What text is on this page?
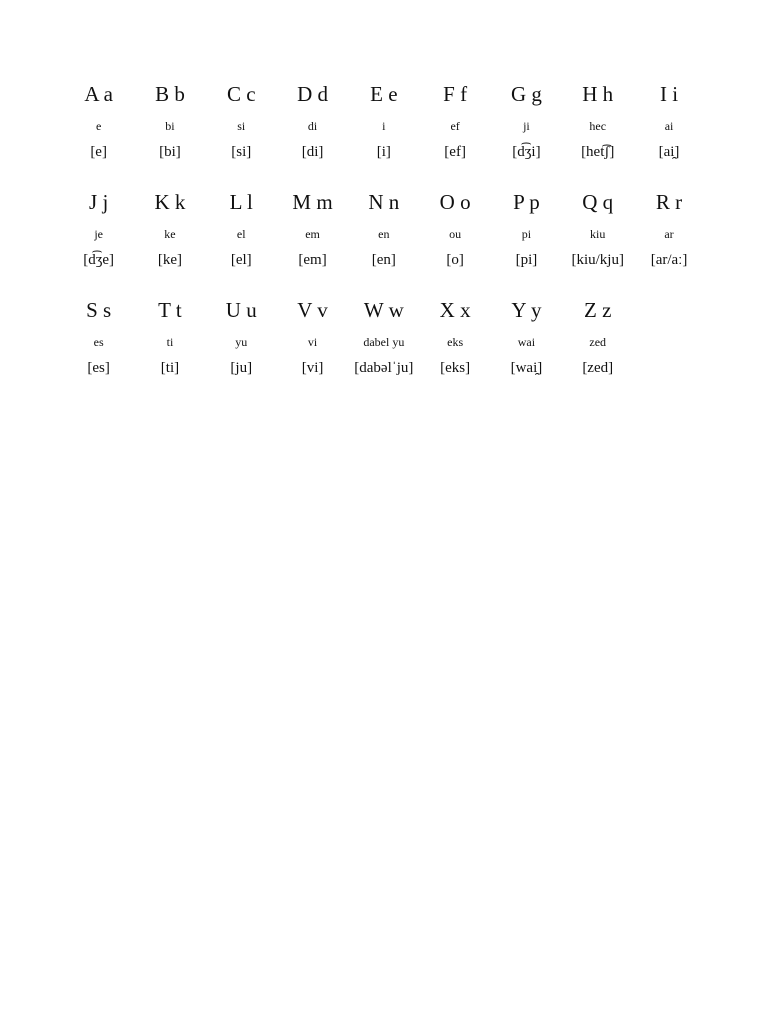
A a
e
[e]
B b
bi
[bi]
C c
si
[si]
D d
di
[di]
E e
i
[i]
F f
ef
[ef]
G g
ji
[d͡ʒi]
H h
hec
[het͡ʃ]
I i
ai
[ai̯]
J j
je
[d͡ʒe]
K k
ke
[ke]
L l
el
[el]
M m
em
[em]
N n
en
[en]
O o
ou
[o]
P p
pi
[pi]
Q q
kiu
[kiu/kju]
R r
ar
[ar/aː]
S s
es
[es]
T t
ti
[ti]
U u
yu
[ju]
V v
vi
[vi]
W w
dabel yu
[dabəlˈju]
X x
eks
[eks]
Y y
wai
[wai̯]
Z z
zed
[zed]
